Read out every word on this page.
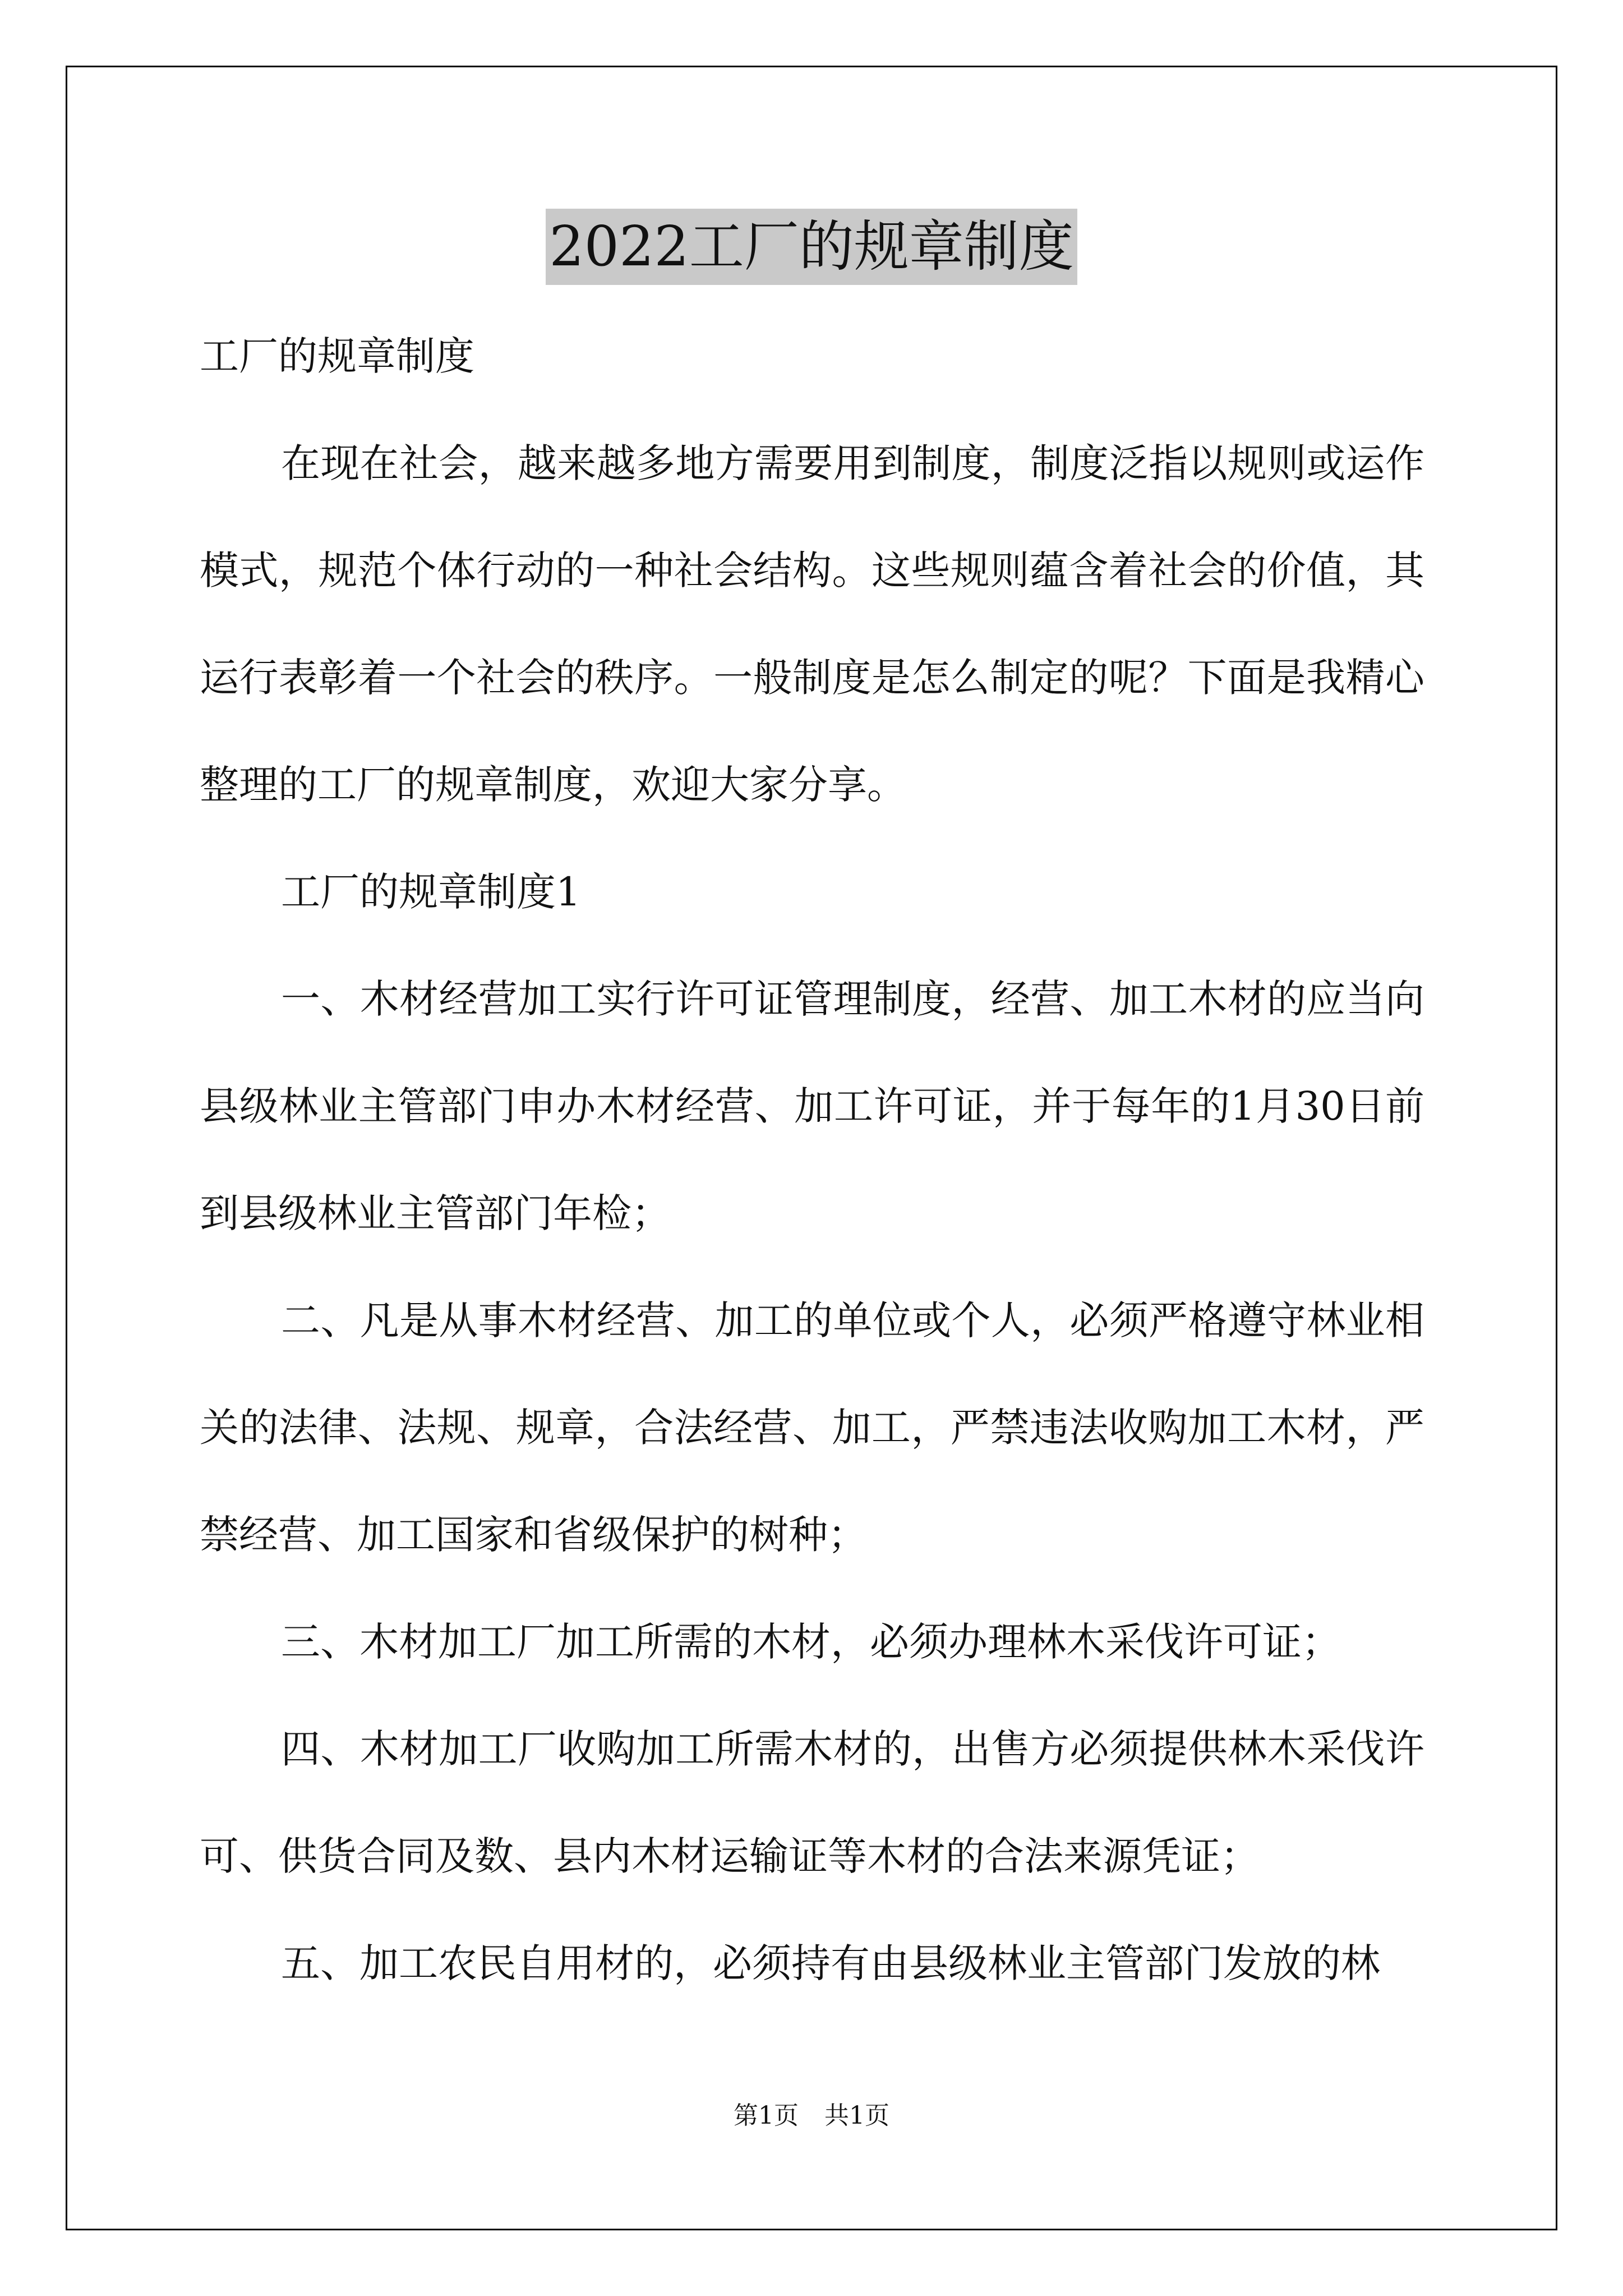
2022工厂的规章制度

工厂的规章制度

在现在社会，越来越多地方需要用到制度，制度泛指以规则或运作模式，规范个体行动的一种社会结构。这些规则蕴含着社会的价值，其运行表彰着一个社会的秩序。一般制度是怎么制定的呢？下面是我精心整理的工厂的规章制度，欢迎大家分享。

工厂的规章制度1

一、木材经营加工实行许可证管理制度，经营、加工木材的应当向县级林业主管部门申办木材经营、加工许可证，并于每年的1月30日前到县级林业主管部门年检；

二、凡是从事木材经营、加工的单位或个人，必须严格遵守林业相关的法律、法规、规章，合法经营、加工，严禁违法收购加工木材，严禁经营、加工国家和省级保护的树种；

三、木材加工厂加工所需的木材，必须办理林木采伐许可证；

四、木材加工厂收购加工所需木材的，出售方必须提供林木采伐许可、供货合同及数、县内木材运输证等木材的合法来源凭证；

五、加工农民自用材的，必须持有由县级林业主管部门发放的林

第1页 共1页
